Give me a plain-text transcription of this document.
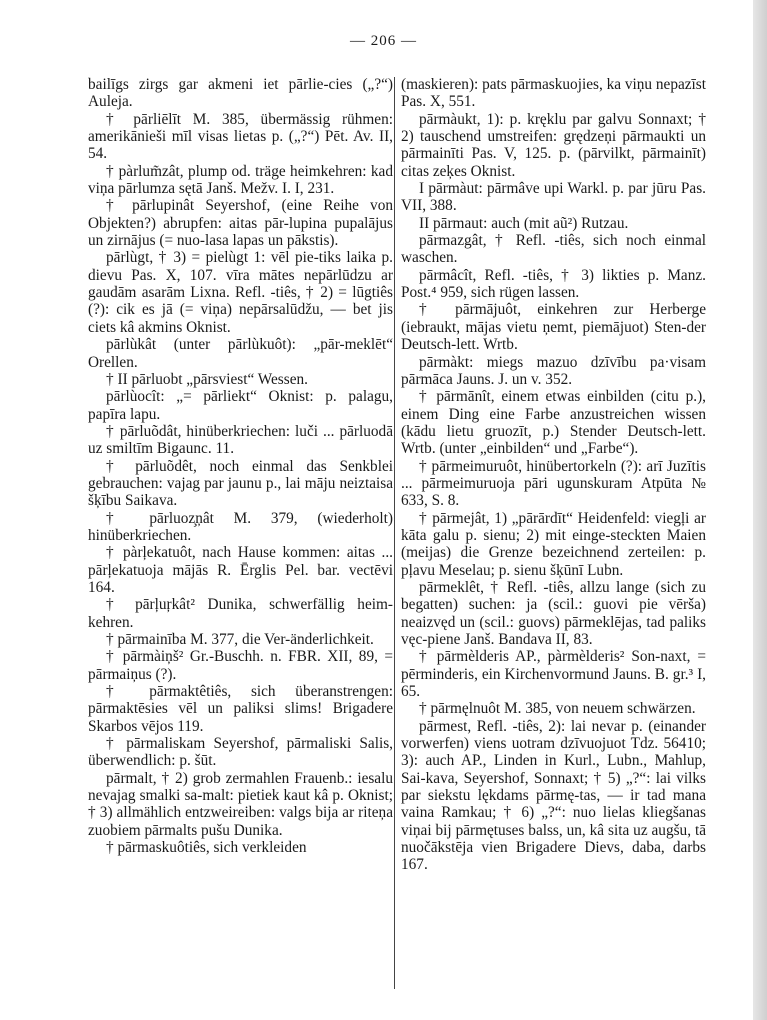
— 206 —
bailīgs zirgs gar akmeni iet pārlie-cies („?“) Auleja.
† pārliēlīt M. 385, übermässig rühmen: amerikānieši mīl visas lietas p. („?“) Pēt. Av. II, 54.
† pàrlum̃zât, plump od. träge heimkehren: kad viņa pārlumza sętā Janš. Mežv. I. I, 231.
† pārlupinât Seyershof, (eine Reihe von Objekten?) abrupfen: aitas pār-lupina pupalājus un zirnājus (= nuo-lasa lapas un pākstis).
pārlùgt, † 3) = pielùgt 1: vēl pie-tiks laika p. dievu Pas. X, 107. vīra mātes nepārlūdzu ar gaudām asarām Lixna. Refl. -tiês, † 2) = lūgtiês (?): cik es jā (= viņa) nepārsalūdžu, — bet jis ciets kâ akmins Oknist.
pārlùkât (unter pārlùkuôt): „pār-meklēt“ Orellen.
† II pārluobt „pārsviest“ Wessen.
pārlùocît: „= pārliekt“ Oknist: p. palagu, papīra lapu.
† pārluõdât, hinüberkriechen: luči ... pārluodā uz smiltīm Bigaunc. 11.
† pārluõdêt, noch einmal das Senkblei gebrauchen: vajag par jaunu p., lai māju neiztaisa šķību Saikava.
† pārluoz̧ņât M. 379, (wiederholt) hinüberkriechen.
† pàrļekatuôt, nach Hause kommen: aitas ... pārļekatuoja mājās R. Ērglis Pel. bar. vectēvi 164.
† pārļuŗkât² Dunika, schwerfällig heim-kehren.
† pārmainība M. 377, die Ver-änderlichkeit.
† pārmàiņš² Gr.-Buschh. n. FBR. XII, 89, = pārmaiņus (?).
† pārmaktêtiês, sich überanstrengen: pārmaktēsies vēl un paliksi slims! Brigadere Skarbos vējos 119.
† pārmaliskam Seyershof, pārmaliski Salis, überwendlich: p. šūt.
pārmalt, † 2) grob zermahlen Frauenb.: iesalu nevajag smalki sa-malt: pietiek kaut kâ p. Oknist; † 3) allmählich entzweireiben: valgs bija ar riteņa zuobiem pārmalts pušu Dunika.
† pārmaskuôtiês, sich verkleiden
(maskieren): pats pārmaskuojies, ka viņu nepazīst Pas. X, 551.
pārmàukt, 1): p. kręklu par galvu Sonnaxt; † 2) tauschend umstreifen: grędzeņi pārmaukti un pārmainīti Pas. V, 125. p. (pārvilkt, pārmainīt) citas zeķes Oknist.
I pārmàut: pārmâve upi Warkl. p. par jūru Pas. VII, 388.
II pārmaut: auch (mit aũ²) Rutzau.
pārmazgât, † Refl. -tiês, sich noch einmal waschen.
pārmâcît, Refl. -tiês, † 3) likties p. Manz. Post.⁴ 959, sich rügen lassen.
† pārmājuôt, einkehren zur Herberge (iebraukt, mājas vietu ņemt, piemājuot) Sten-der Deutsch-lett. Wrtb.
pārmàkt: miegs mazuo dzīvību pa·visam pārmāca Jauns. J. un v. 352.
† pārmānît, einem etwas einbilden (citu p.), einem Ding eine Farbe anzustreichen wissen (kādu lietu gruozīt, p.) Stender Deutsch-lett. Wrtb. (unter „einbilden“ und „Farbe“).
† pārmeimuruôt, hinübertorkeln (?): arī Juzītis ... pārmeimuruoja pāri ugunskuram Atpūta № 633, S. 8.
† pārmejât, 1) „pārārdīt“ Heidenfeld: viegļi ar kāta galu p. sienu; 2) mit einge-steckten Maien (meijas) die Grenze bezeichnend zerteilen: p. pļavu Meselau; p. sienu šķūnī Lubn.
pārmeklêt, † Refl. -tiês, allzu lange (sich zu begatten) suchen: ja (scil.: guovi pie vērša) neaizvęd un (scil.: guovs) pārmeklējas, tad paliks vęc-piene Janš. Bandava II, 83.
† pārmèlderis AP., pàrmèlderis² Son-naxt, = pērminderis, ein Kirchenvormund Jauns. B. gr.³ I, 65.
† pārmęlnuôt M. 385, von neuem schwärzen.
pārmest, Refl. -tiês, 2): lai nevar p. (einander vorwerfen) viens uotram dzīvuojuot Tdz. 56410; 3): auch AP., Linden in Kurl., Lubn., Mahlup, Sai-kava, Seyershof, Sonnaxt; † 5) „?“: lai vilks par siekstu lękdams pārmę-tas, — ir tad mana vaina Ramkau; † 6) „?“: nuo lielas kliegšanas viņai bij pārmętuses balss, un, kâ sita uz augšu, tā nuočākstēja vien Brigadere Dievs, daba, darbs 167.
